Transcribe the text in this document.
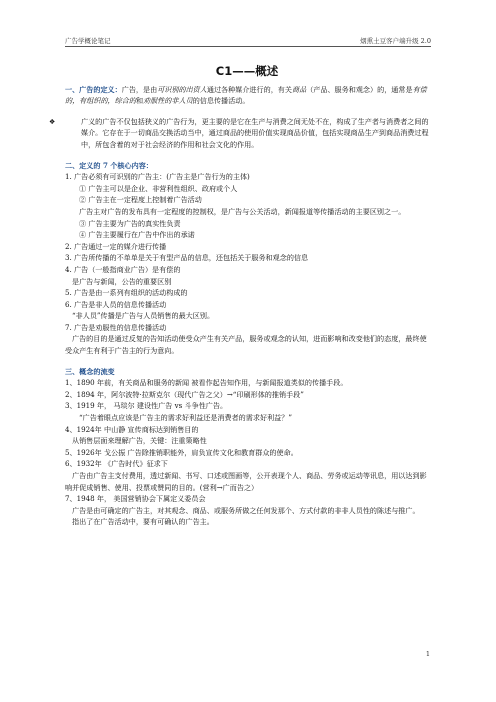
广告学概论笔记	烟熏土豆客户端升级 2.0
C1——概述

一、广告的定义：广告，是由可识别的出资人通过各种媒介进行的，有关商品（产品、服务和观念）的，通常是有偿的，有组织的，综合的和劝服性的非人员的信息传播活动。

❖	广义的广告不仅包括狭义的广告行为，更主要的是它在生产与消费之间无处不在，构成了生产者与消费者之间的媒介。它存在于一切商品交换活动当中，通过商品的使用价值实现商品价值，包括实现商品生产到商品消费过程中，所包含着的对于社会经济的作用和社会文化的作用。

二、定义的 7 个核心内容：

1. 广告必须有可识别的广告主：(广告主是广告行为的主体)

① 广告主可以是企业、非营利性组织、政府或个人

② 广告主在一定程度上控制着广告活动

广告主对广告的发布具有一定程度的控制权，是广告与公关活动，新闻报道等传播活动的主要区别之一。

③ 广告主要为广告的真实性负责

④ 广告主要履行在广告中作出的承诺

2. 广告通过一定的媒介进行传播

3. 广告所传播的不单单是关于有型产品的信息，还包括关于服务和观念的信息

4. 广告（一般指商业广告）是有偿的

是广告与新闻，公告的重要区别

5. 广告是由一系列有组织的活动构成的

6. 广告是非人员的信息传播活动

“非人员”传播是广告与人员销售的最大区别。

7. 广告是劝服性的信息传播活动

广告的目的是通过反复的告知活动使受众产生有关产品，服务或观念的认知，进而影响和改变他们的态度，最终使受众产生有利于广告主的行为意向。

三、概念的流变

1、1890 年前，有关商品和服务的新闻 被看作起告知作用，与新闻报道类似的传播手段。

2、1894 年，阿尔波特·拉斯克尔（现代广告之父）→“印刷形体的推销手段”

3、1919 年， 马琰尔 建设性广告 vs 斗争性广告。

“广告着眼点应该是广告主的需求好利益还是消费者的需求好利益？”

4、1924年 中山静 宣传商标达到销售目的

从销售层面来理解广告，关键：注重策略性

5、1926年 戈公振 广告除推销职能外，肩负宣传文化和教育群众的使命。

6、1932年 《广告时代》征求下

广告由广告主支付费用，透过新闻、书写、口述或图画等，公开表现个人、商品、劳务或运动等讯息，用以达到影响并促成销售、使用、投票或赞同的目的。(营利→广而告之）

7、1948 年， 美国营销协会下属定义委员会

广告是由可确定的广告主，对其观念、商品、或服务所做之任何发那个、方式付款的非非人员性的陈述与推广。

指出了在广告活动中，要有可确认的广告主。

1
